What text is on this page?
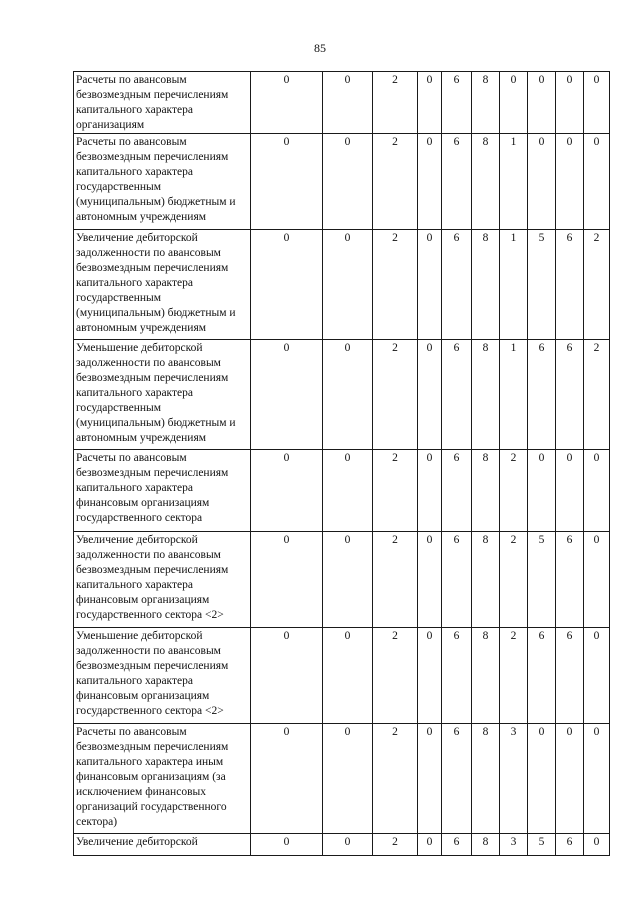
85
Расчеты по авансовым безвозмездным перечислениям капитального характера организациям	0	0	2	0	6	8	0	0	0	0
Расчеты по авансовым безвозмездным перечислениям капитального характера государственным (муниципальным) бюджетным и автономным учреждениям	0	0	2	0	6	8	1	0	0	0
Увеличение дебиторской задолженности по авансовым безвозмездным перечислениям капитального характера государственным (муниципальным) бюджетным и автономным учреждениям	0	0	2	0	6	8	1	5	6	2
Уменьшение дебиторской задолженности по авансовым безвозмездным перечислениям капитального характера государственным (муниципальным) бюджетным и автономным учреждениям	0	0	2	0	6	8	1	6	6	2
Расчеты по авансовым безвозмездным перечислениям капитального характера финансовым организациям государственного сектора	0	0	2	0	6	8	2	0	0	0
Увеличение дебиторской задолженности по авансовым безвозмездным перечислениям капитального характера финансовым организациям государственного сектора <2>	0	0	2	0	6	8	2	5	6	0
Уменьшение дебиторской задолженности по авансовым безвозмездным перечислениям капитального характера финансовым организациям государственного сектора <2>	0	0	2	0	6	8	2	6	6	0
Расчеты по авансовым безвозмездным перечислениям капитального характера иным финансовым организациям (за исключением финансовых организаций государственного сектора)	0	0	2	0	6	8	3	0	0	0
Увеличение дебиторской	0	0	2	0	6	8	3	5	6	0
